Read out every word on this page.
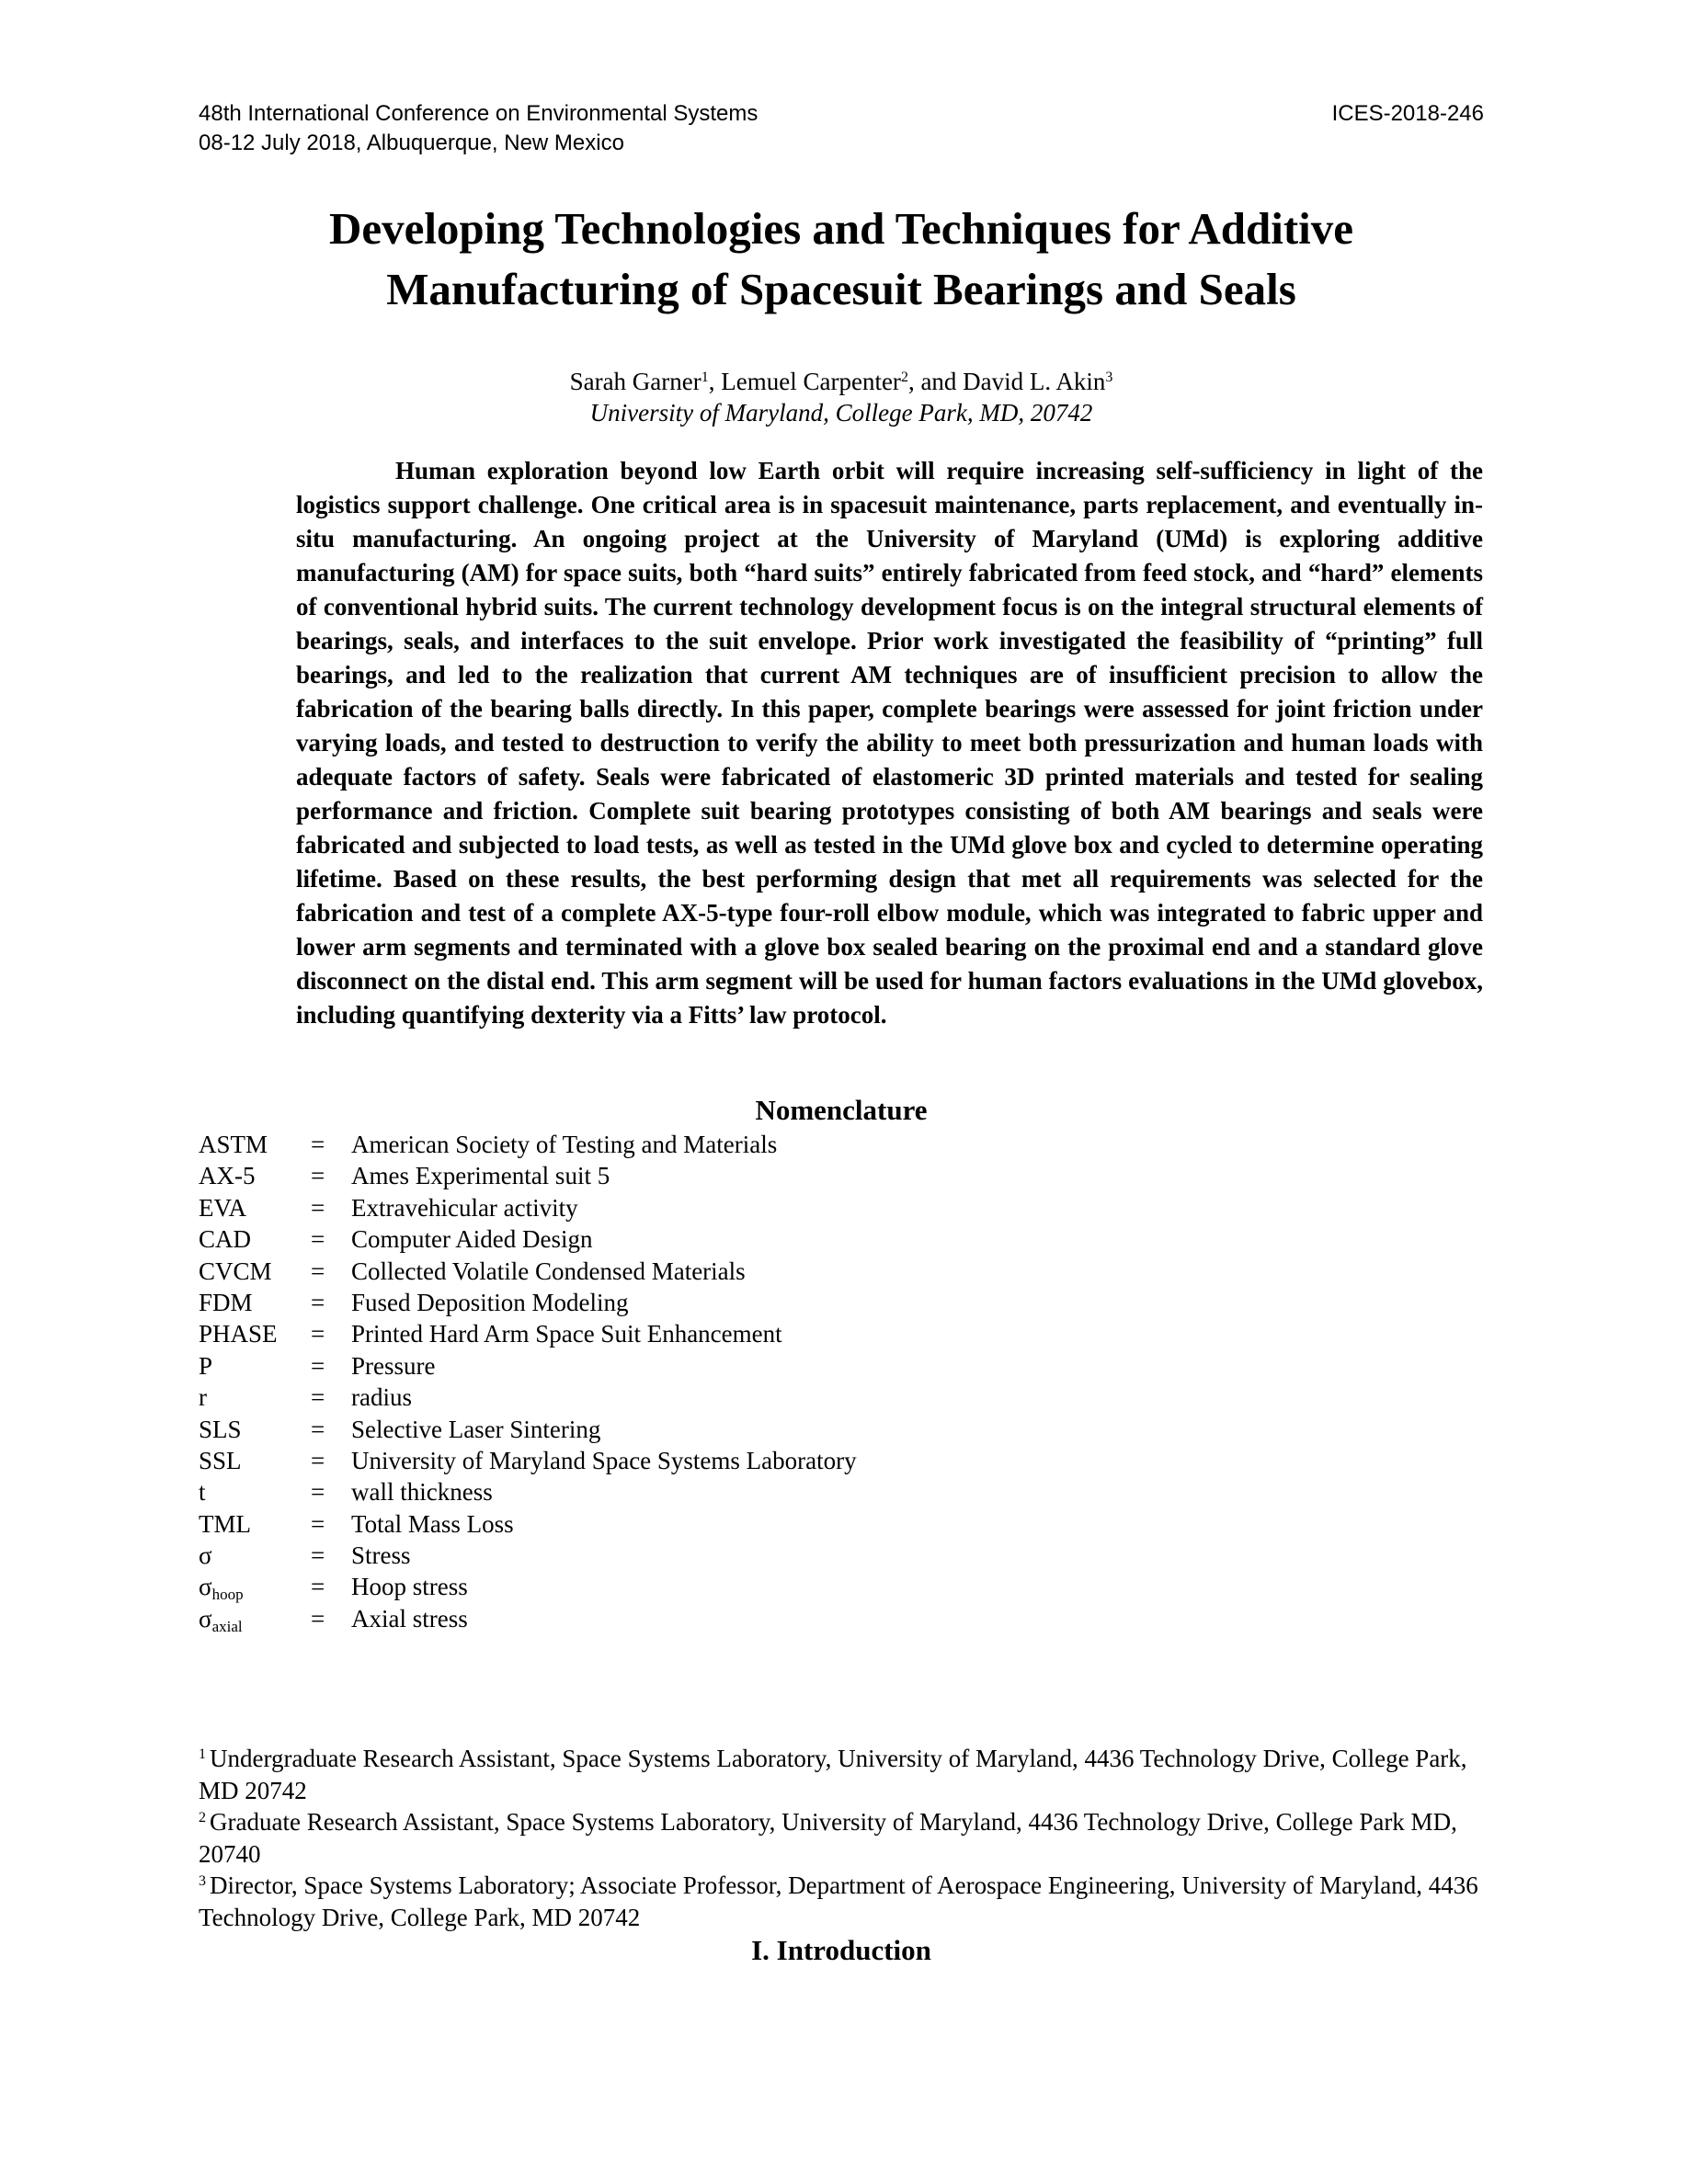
48th International Conference on Environmental Systems	ICES-2018-246
08-12 July 2018, Albuquerque, New Mexico
Developing Technologies and Techniques for Additive
Manufacturing of Spacesuit Bearings and Seals
Sarah Garner$^1$, Lemuel Carpenter$^2$, and David L. Akin$^3$
University of Maryland, College Park, MD, 20742

Human exploration beyond low Earth orbit will require increasing self-sufficiency in light of the logistics support challenge. One critical area is in spacesuit maintenance, parts replacement, and eventually in-situ manufacturing. An ongoing project at the University of Maryland (UMd) is exploring additive manufacturing (AM) for space suits, both “hard suits” entirely fabricated from feed stock, and “hard” elements of conventional hybrid suits. The current technology development focus is on the integral structural elements of bearings, seals, and interfaces to the suit envelope. Prior work investigated the feasibility of “printing” full bearings, and led to the realization that current AM techniques are of insufficient precision to allow the fabrication of the bearing balls directly. In this paper, complete bearings were assessed for joint friction under varying loads, and tested to destruction to verify the ability to meet both pressurization and human loads with adequate factors of safety. Seals were fabricated of elastomeric 3D printed materials and tested for sealing performance and friction. Complete suit bearing prototypes consisting of both AM bearings and seals were fabricated and subjected to load tests, as well as tested in the UMd glove box and cycled to determine operating lifetime. Based on these results, the best performing design that met all requirements was selected for the fabrication and test of a complete AX-5-type four-roll elbow module, which was integrated to fabric upper and lower arm segments and terminated with a glove box sealed bearing on the proximal end and a standard glove disconnect on the distal end. This arm segment will be used for human factors evaluations in the UMd glovebox, including quantifying dexterity via a Fitts’ law protocol.

Nomenclature
ASTM	=	American Society of Testing and Materials
AX-5	=	Ames Experimental suit 5
EVA	=	Extravehicular activity
CAD	=	Computer Aided Design
CVCM	=	Collected Volatile Condensed Materials
FDM	=	Fused Deposition Modeling
PHASE	=	Printed Hard Arm Space Suit Enhancement
P	=	Pressure
r	=	radius
SLS	=	Selective Laser Sintering
SSL	=	University of Maryland Space Systems Laboratory
t	=	wall thickness
TML	=	Total Mass Loss
σ	=	Stress
$\sigma_{hoop}$	=	Hoop stress
$\sigma_{axial}$	=	Axial stress

$^1$ Undergraduate Research Assistant, Space Systems Laboratory, University of Maryland, 4436 Technology Drive, College Park, MD 20742

$^2$ Graduate Research Assistant, Space Systems Laboratory, University of Maryland, 4436 Technology Drive, College Park MD, 20740

$^3$ Director, Space Systems Laboratory; Associate Professor, Department of Aerospace Engineering, University of Maryland, 4436 Technology Drive, College Park, MD 20742

I. Introduction
